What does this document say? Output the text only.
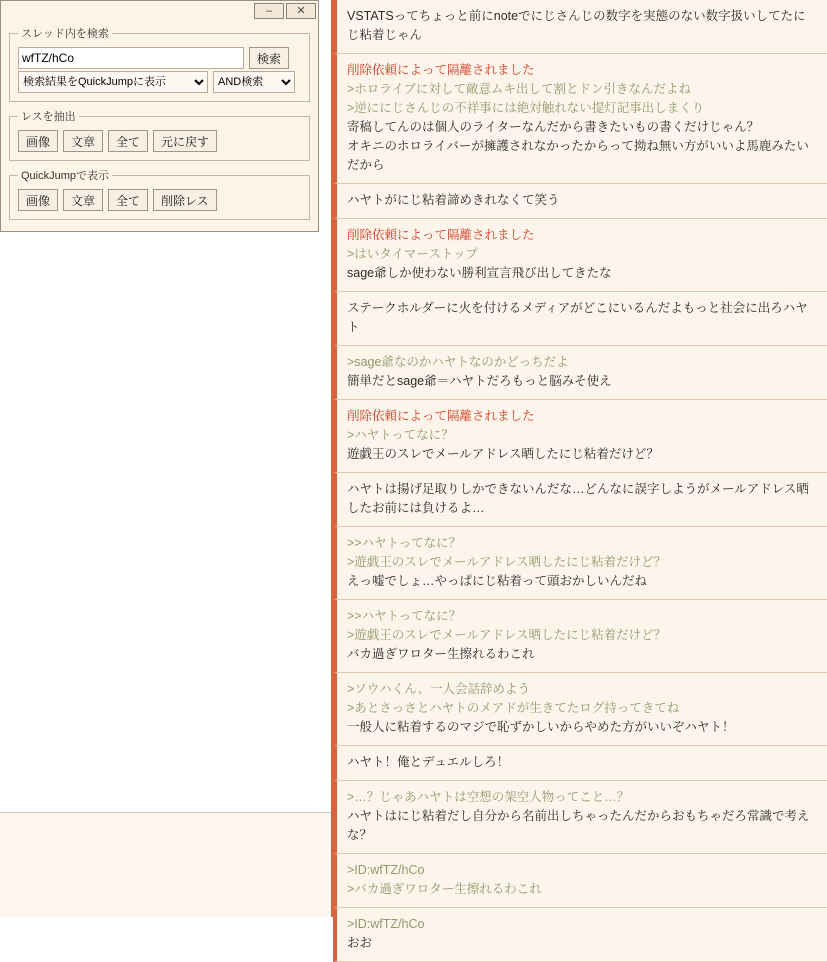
–	✕
スレッド内を検索
wfTZ/hCo
検索
検索結果をQuickJumpに表示
AND検索
レスを抽出
画像	文章	全て	元に戻す
QuickJumpで表示
画像	文章	全て	削除レス
VSTATSってちょっと前にnoteでにじさんじの数字を実態のない数字扱いしてたにじ粘着じゃん
削除依頼によって隔離されました
>ホロライブに対して敵意ムキ出して割とドン引きなんだよね
>逆ににじさんじの不祥事には絶対触れない提灯記事出しまくり
寄稿してんのは個人のライターなんだから書きたいもの書くだけじゃん？
オキニのホロライバーが擁護されなかったからって拗ね無い方がいいよ馬鹿みたいだから
ハヤトがにじ粘着諦めきれなくて笑う
削除依頼によって隔離されました
>はいタイマーストップ
sage爺しか使わない勝利宣言飛び出してきたな
ステークホルダーに火を付けるメディアがどこにいるんだよもっと社会に出ろハヤト
>sage爺なのかハヤトなのかどっちだよ
簡単だとsage爺＝ハヤトだろもっと脳みそ使え
削除依頼によって隔離されました
>ハヤトってなに？
遊戯王のスレでメールアドレス晒したにじ粘着だけど？
ハヤトは揚げ足取りしかできないんだな…どんなに誤字しようがメールアドレス晒したお前には負けるよ…
>>ハヤトってなに？
>遊戯王のスレでメールアドレス晒したにじ粘着だけど？
えっ嘘でしょ…やっぱにじ粘着って頭おかしいんだね
>>ハヤトってなに？
>遊戯王のスレでメールアドレス晒したにじ粘着だけど？
バカ過ぎワロター生擦れるわこれ
>ソウハくん、一人会話辞めよう
>あとさっさとハヤトのメアドが生きてたログ持ってきてね
一般人に粘着するのマジで恥ずかしいからやめた方がいいぞハヤト！
ハヤト！俺とデュエルしろ！
>…？じゃあハヤトは空想の架空人物ってこと…？
ハヤトはにじ粘着だし自分から名前出しちゃったんだからおもちゃだろ常識で考えな？
>ID:wfTZ/hCo
>バカ過ぎワロター生擦れるわこれ
>ID:wfTZ/hCo
おお
